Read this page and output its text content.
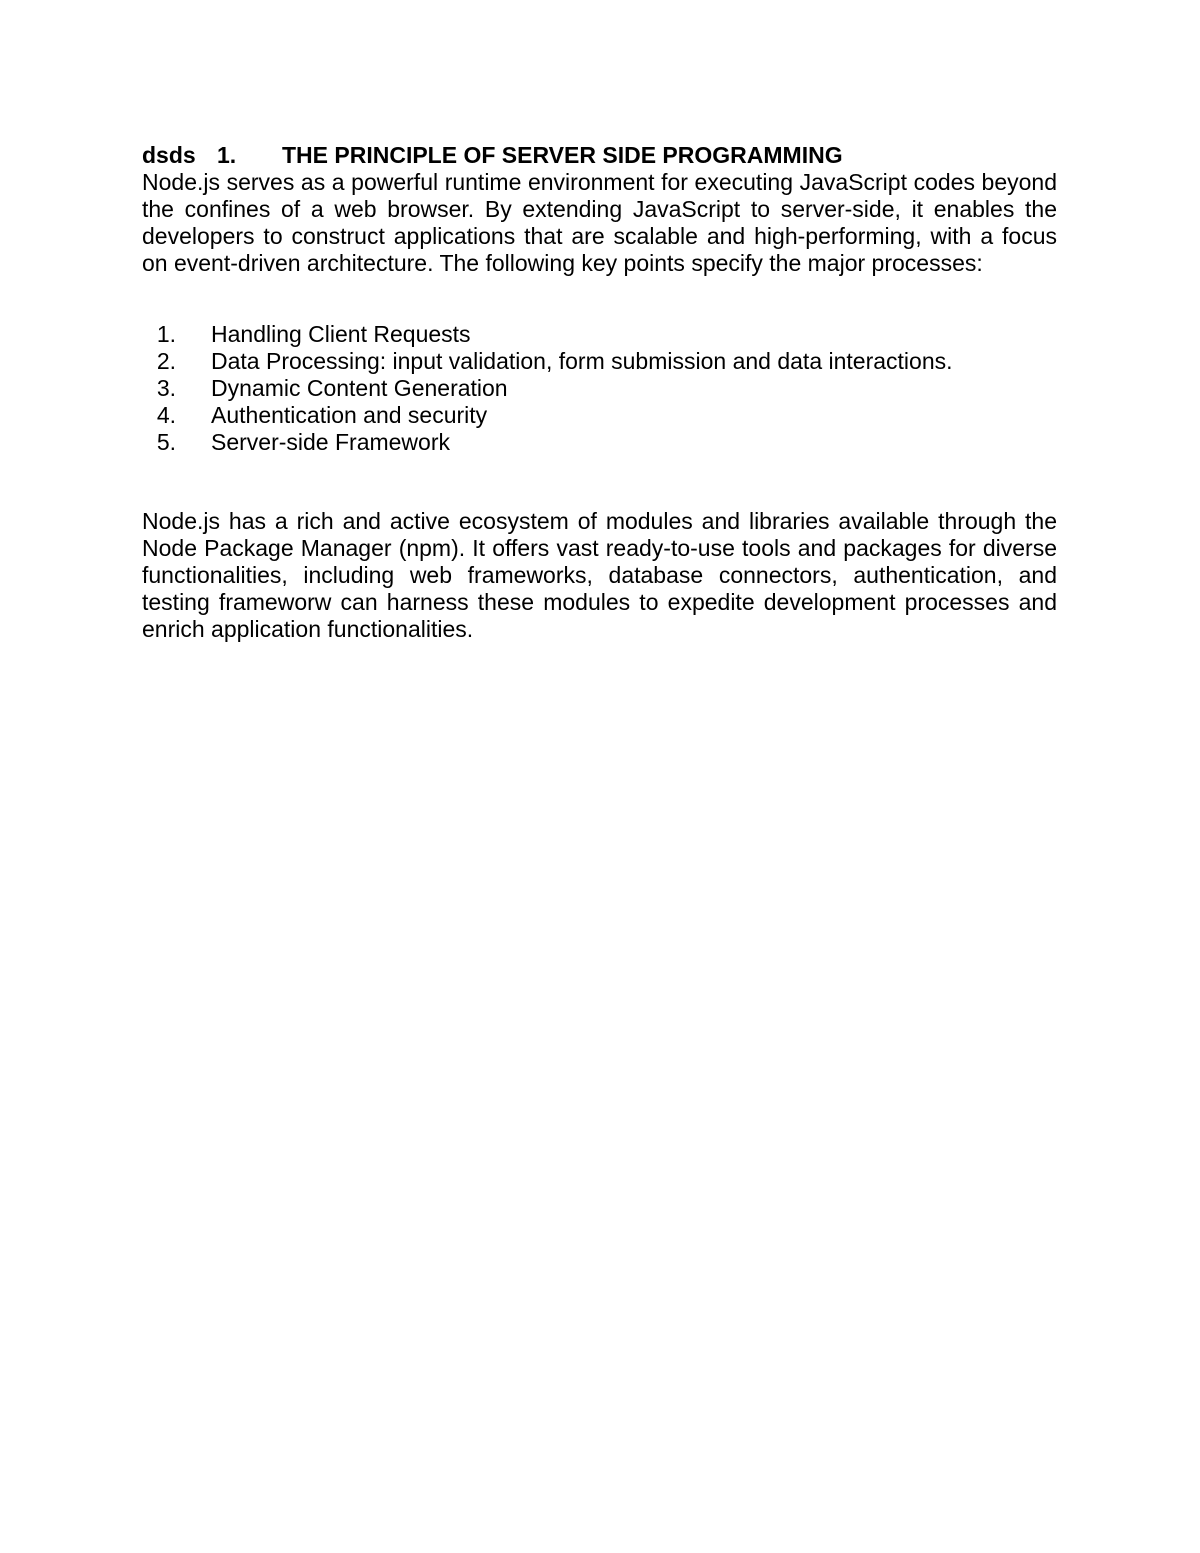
dsds 1. THE PRINCIPLE OF SERVER SIDE PROGRAMMING

Node.js serves as a powerful runtime environment for executing JavaScript codes beyond the confines of a web browser. By extending JavaScript to server-side, it enables the developers to construct applications that are scalable and high-performing, with a focus on event-driven architecture. The following key points specify the major processes:

1. Handling Client Requests
2. Data Processing: input validation, form submission and data interactions.
3. Dynamic Content Generation
4. Authentication and security
5. Server-side Framework

Node.js has a rich and active ecosystem of modules and libraries available through the Node Package Manager (npm). It offers vast ready-to-use tools and packages for diverse functionalities, including web frameworks, database connectors, authentication, and testing frameworw can harness these modules to expedite development processes and enrich application functionalities.
